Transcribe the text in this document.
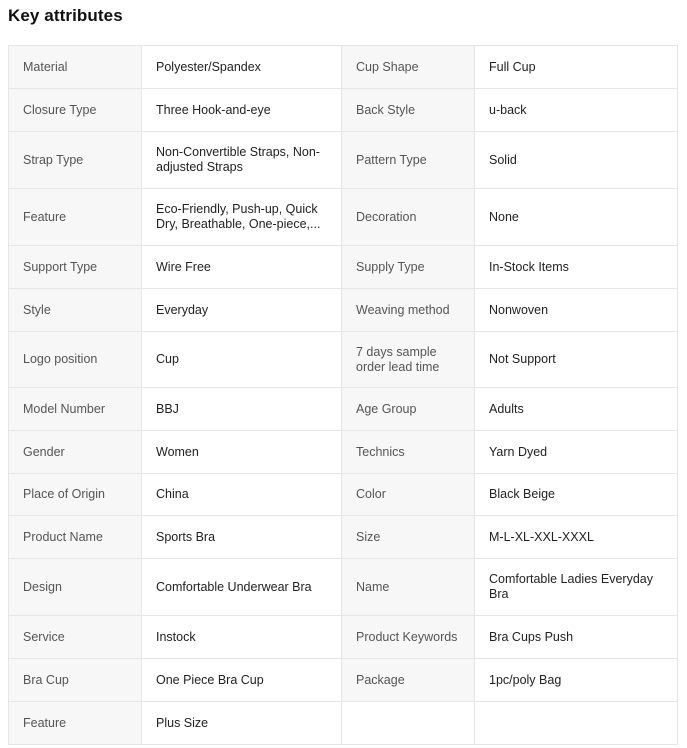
Key attributes
Material	Polyester/Spandex	Cup Shape	Full Cup
Closure Type	Three Hook-and-eye	Back Style	u-back
Strap Type	Non-Convertible Straps, Non-adjusted Straps	Pattern Type	Solid
Feature	Eco-Friendly, Push-up, Quick Dry, Breathable, One-piece,...	Decoration	None
Support Type	Wire Free	Supply Type	In-Stock Items
Style	Everyday	Weaving method	Nonwoven
Logo position	Cup	7 days sample order lead time	Not Support
Model Number	BBJ	Age Group	Adults
Gender	Women	Technics	Yarn Dyed
Place of Origin	China	Color	Black Beige
Product Name	Sports Bra	Size	M-L-XL-XXL-XXXL
Design	Comfortable Underwear Bra	Name	Comfortable Ladies Everyday Bra
Service	Instock	Product Keywords	Bra Cups Push
Bra Cup	One Piece Bra Cup	Package	1pc/poly Bag
Feature	Plus Size		
